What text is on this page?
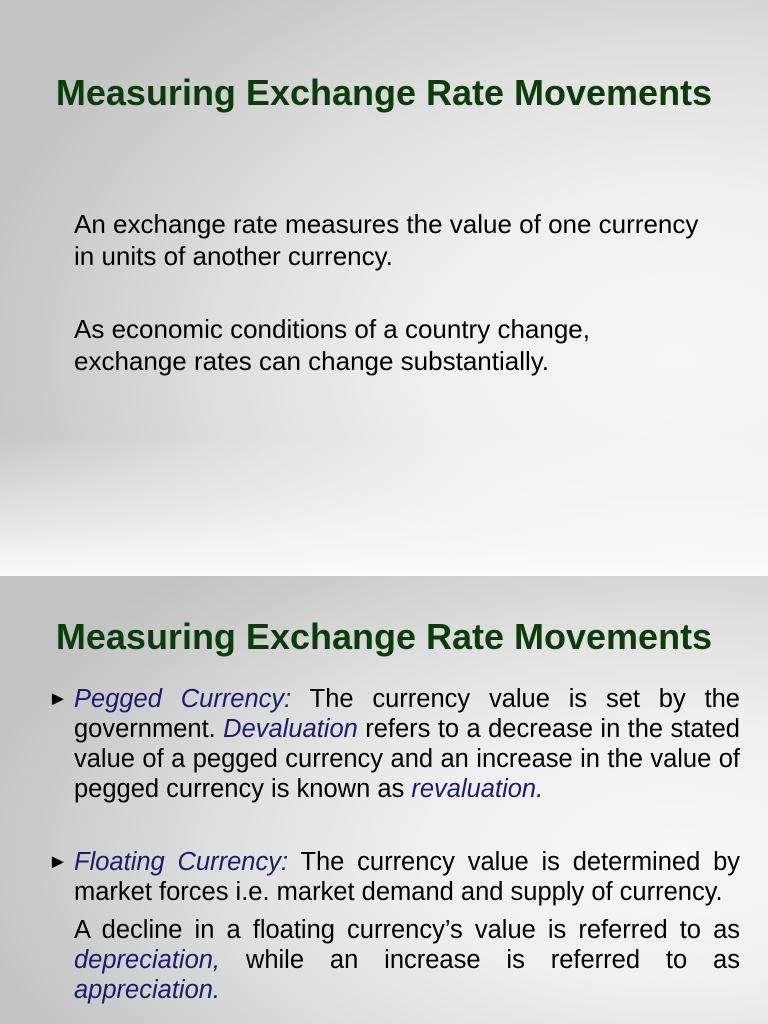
Measuring Exchange Rate Movements

An exchange rate measures the value of one currency in units of another currency.

As economic conditions of a country change, exchange rates can change substantially.

Measuring Exchange Rate Movements
► Pegged Currency: The currency value is set by the government. Devaluation refers to a decrease in the stated value of a pegged currency and an increase in the value of pegged currency is known as revaluation.

► Floating Currency: The currency value is determined by market forces i.e. market demand and supply of currency.

A decline in a floating currency’s value is referred to as depreciation, while an increase is referred to as appreciation.
